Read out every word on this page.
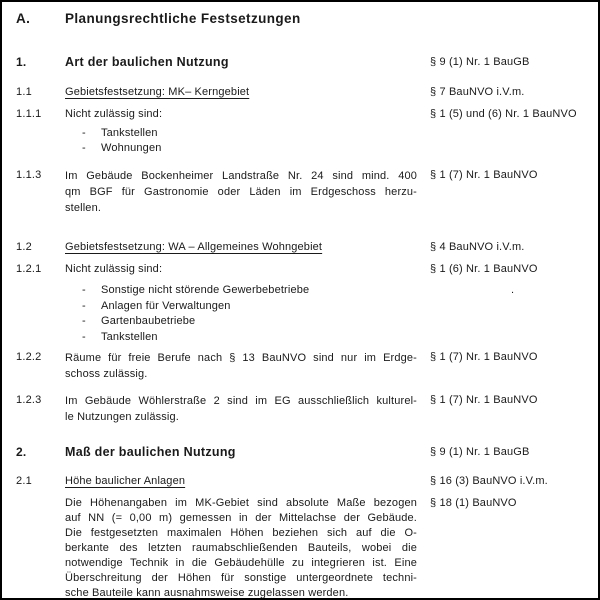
A.	Planungsrechtliche Festsetzungen
1.	Art der baulichen Nutzung	§ 9 (1) Nr. 1 BauGB
1.1	Gebietsfestsetzung: MK– Kerngebiet	§ 7 BauNVO i.V.m.
1.1.1 Nicht zulässig sind:	§ 1 (5) und (6) Nr. 1 BauNVO
-	Tankstellen
-	Wohnungen
1.1.3 Im Gebäude Bockenheimer Landstraße Nr. 24 sind mind. 400
qm BGF für Gastronomie oder Läden im Erdgeschoss herzu-
stellen.
§ 1 (7) Nr. 1 BauNVO
1.2	Gebietsfestsetzung: WA – Allgemeines Wohngebiet	§ 4 BauNVO i.V.m.
1.2.1 Nicht zulässig sind:	§ 1 (6) Nr. 1 BauNVO
-	Sonstige nicht störende Gewerbebetriebe
-	Anlagen für Verwaltungen
-	Gartenbaubetriebe
-	Tankstellen
.
1.2.2 Räume für freie Berufe nach § 13 BauNVO sind nur im Erdge-
schoss zulässig.
§ 1 (7) Nr. 1 BauNVO
1.2.3 Im Gebäude Wöhlerstraße 2 sind im EG ausschließlich kulturel-
le Nutzungen zulässig.
§ 1 (7) Nr. 1 BauNVO
2.	Maß der baulichen Nutzung	§ 9 (1) Nr. 1 BauGB
2.1	Höhe baulicher Anlagen	§ 16 (3) BauNVO i.V.m.
Die Höhenangaben im MK-Gebiet sind absolute Maße bezogen
auf NN (= 0,00 m) gemessen in der Mittelachse der Gebäude.
Die festgesetzten maximalen Höhen beziehen sich auf die O-
berkante des letzten raumabschließenden Bauteils, wobei die
notwendige Technik in die Gebäudehülle zu integrieren ist. Eine
Überschreitung der Höhen für sonstige untergeordnete techni-
sche Bauteile kann ausnahmsweise zugelassen werden.
§ 18 (1) BauNVO
